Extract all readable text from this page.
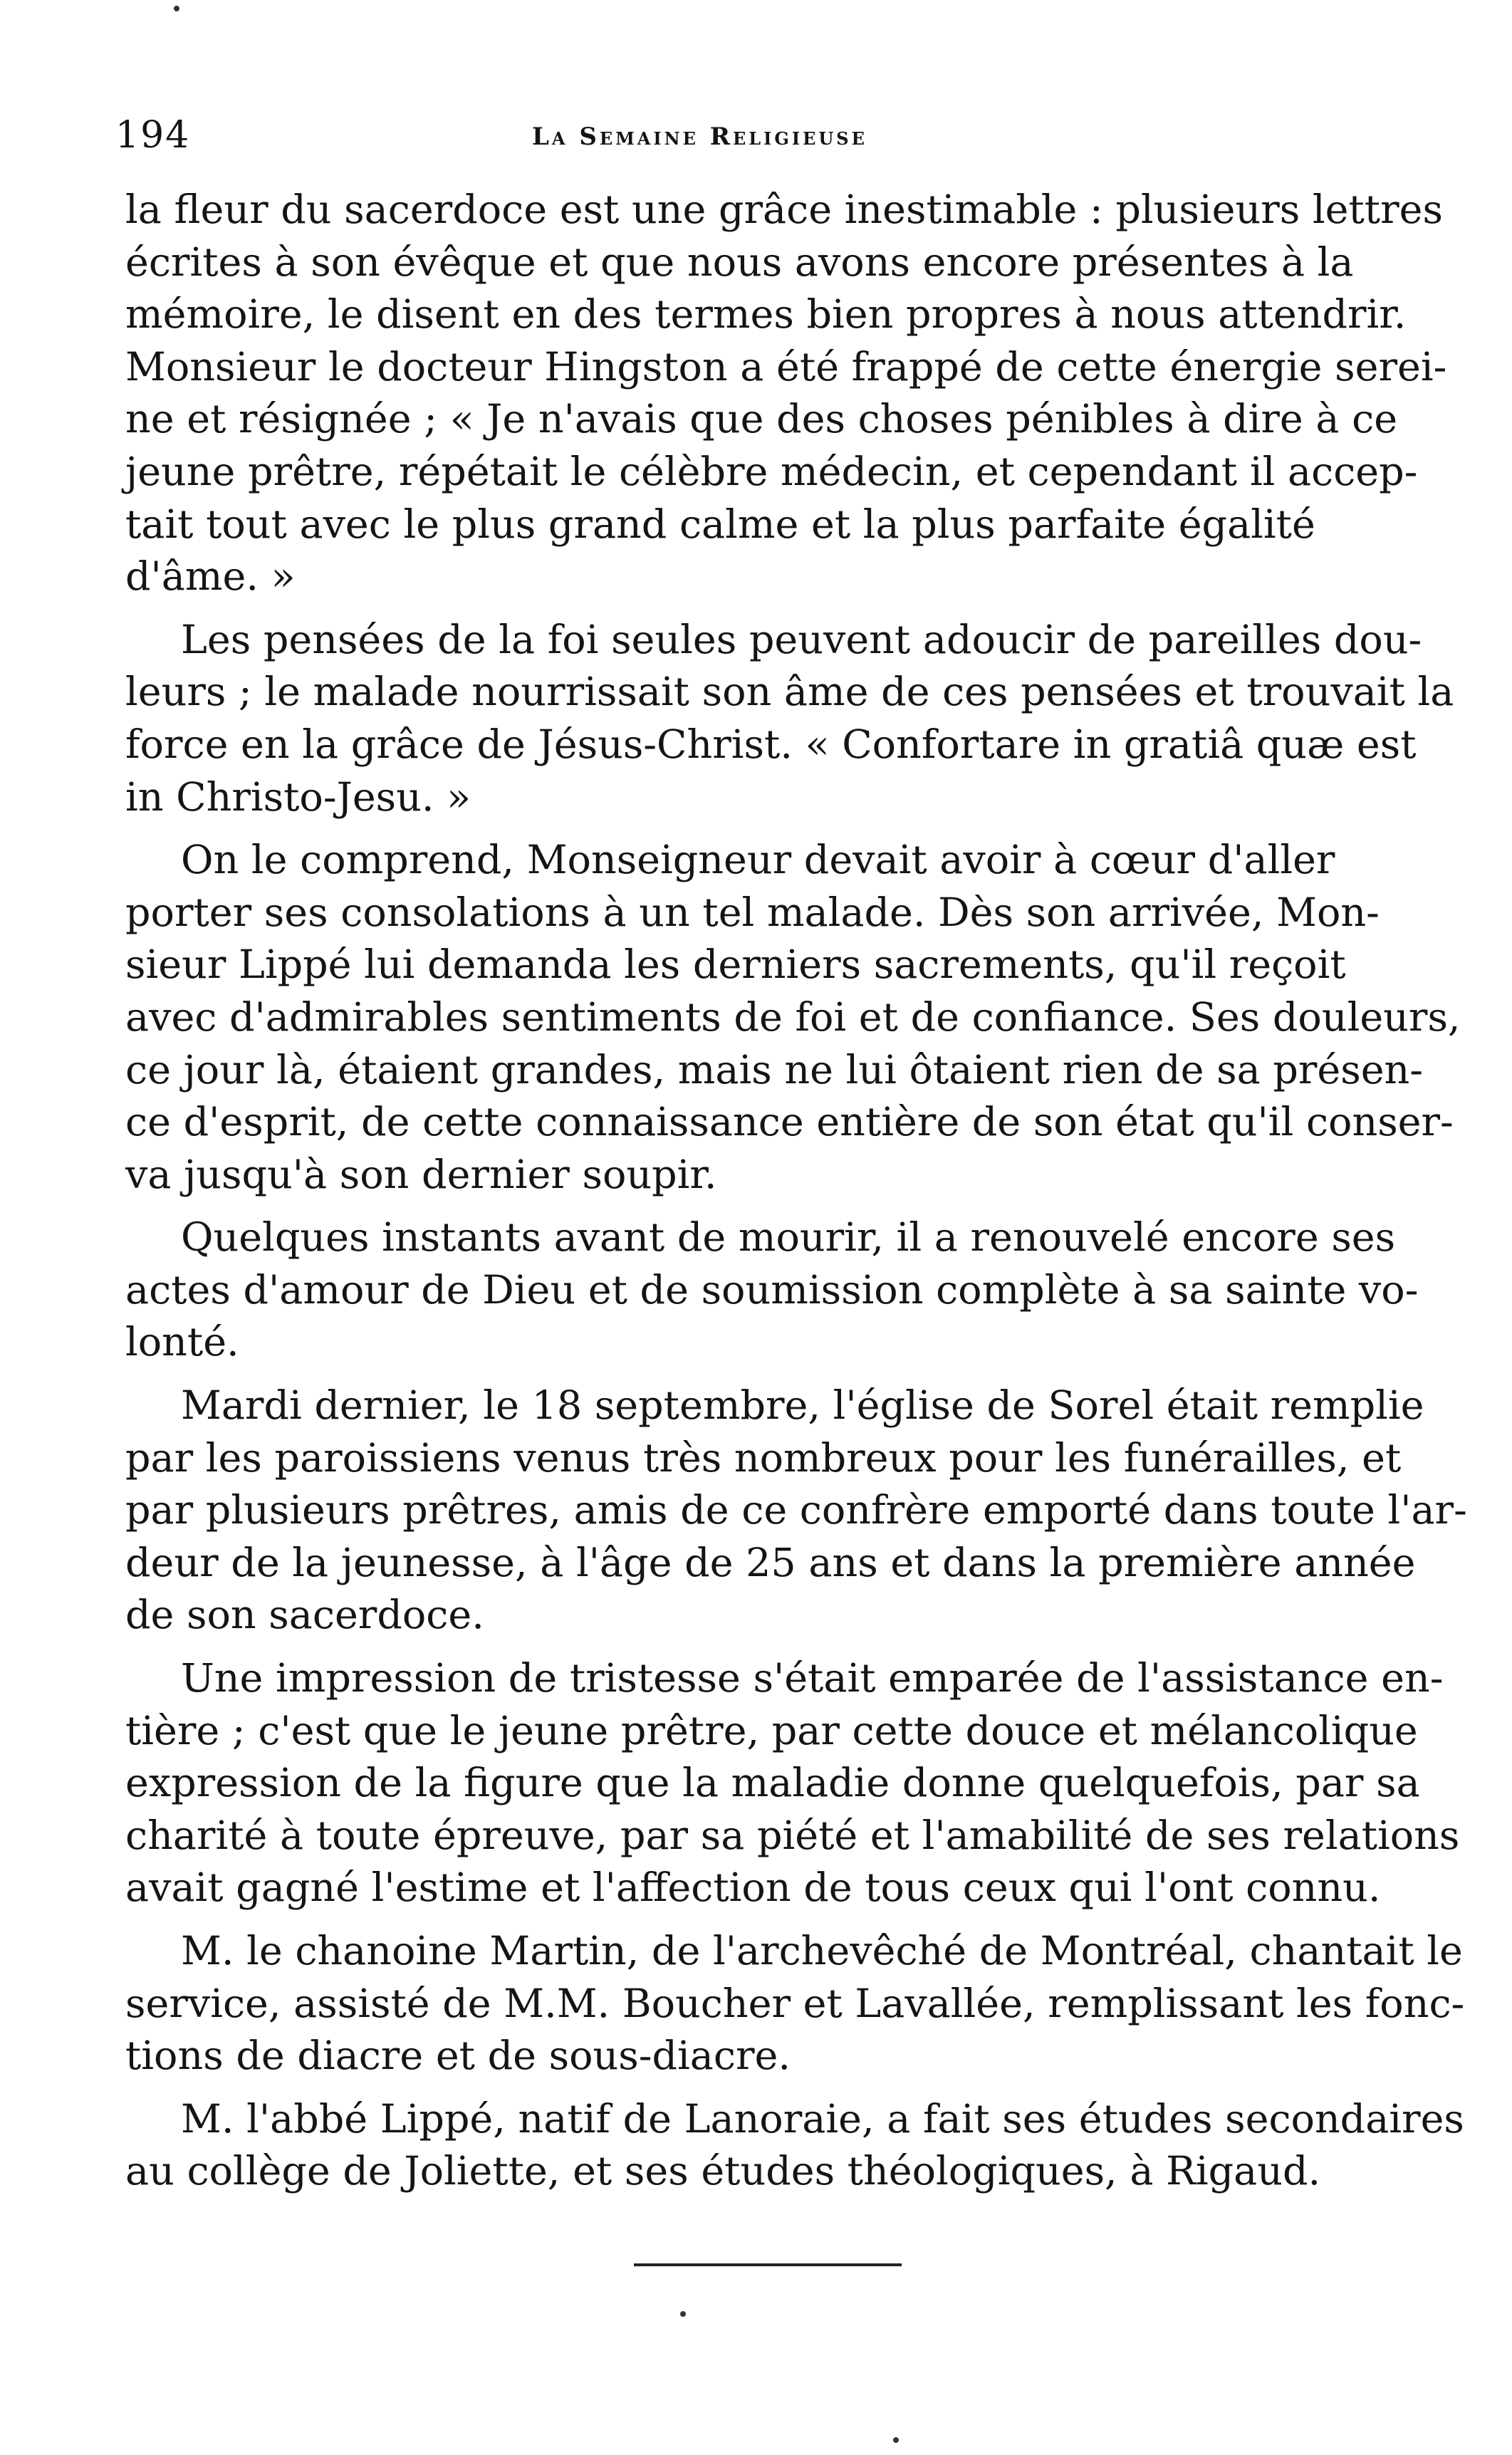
194	La Semaine Religieuse
la fleur du sacerdoce est une grâce inestimable : plusieurs lettres
écrites à son évêque et que nous avons encore présentes à la
mémoire, le disent en des termes bien propres à nous attendrir.
Monsieur le docteur Hingston a été frappé de cette énergie serei-
ne et résignée ; « Je n'avais que des choses pénibles à dire à ce
jeune prêtre, répétait le célèbre médecin, et cependant il accep-
tait tout avec le plus grand calme et la plus parfaite égalité
d'âme. »
Les pensées de la foi seules peuvent adoucir de pareilles dou-
leurs ; le malade nourrissait son âme de ces pensées et trouvait la
force en la grâce de Jésus-Christ. « Confortare in gratiâ quæ est
in Christo-Jesu. »
On le comprend, Monseigneur devait avoir à cœur d'aller
porter ses consolations à un tel malade. Dès son arrivée, Mon-
sieur Lippé lui demanda les derniers sacrements, qu'il reçoit
avec d'admirables sentiments de foi et de confiance. Ses douleurs,
ce jour là, étaient grandes, mais ne lui ôtaient rien de sa présen-
ce d'esprit, de cette connaissance entière de son état qu'il conser-
va jusqu'à son dernier soupir.
Quelques instants avant de mourir, il a renouvelé encore ses
actes d'amour de Dieu et de soumission complète à sa sainte vo-
lonté.
Mardi dernier, le 18 septembre, l'église de Sorel était remplie
par les paroissiens venus très nombreux pour les funérailles, et
par plusieurs prêtres, amis de ce confrère emporté dans toute l'ar-
deur de la jeunesse, à l'âge de 25 ans et dans la première année
de son sacerdoce.
Une impression de tristesse s'était emparée de l'assistance en-
tière ; c'est que le jeune prêtre, par cette douce et mélancolique
expression de la figure que la maladie donne quelquefois, par sa
charité à toute épreuve, par sa piété et l'amabilité de ses relations
avait gagné l'estime et l'affection de tous ceux qui l'ont connu.
M. le chanoine Martin, de l'archevêché de Montréal, chantait le
service, assisté de M.M. Boucher et Lavallée, remplissant les fonc-
tions de diacre et de sous-diacre.
M. l'abbé Lippé, natif de Lanoraie, a fait ses études secondaires
au collège de Joliette, et ses études théologiques, à Rigaud.
